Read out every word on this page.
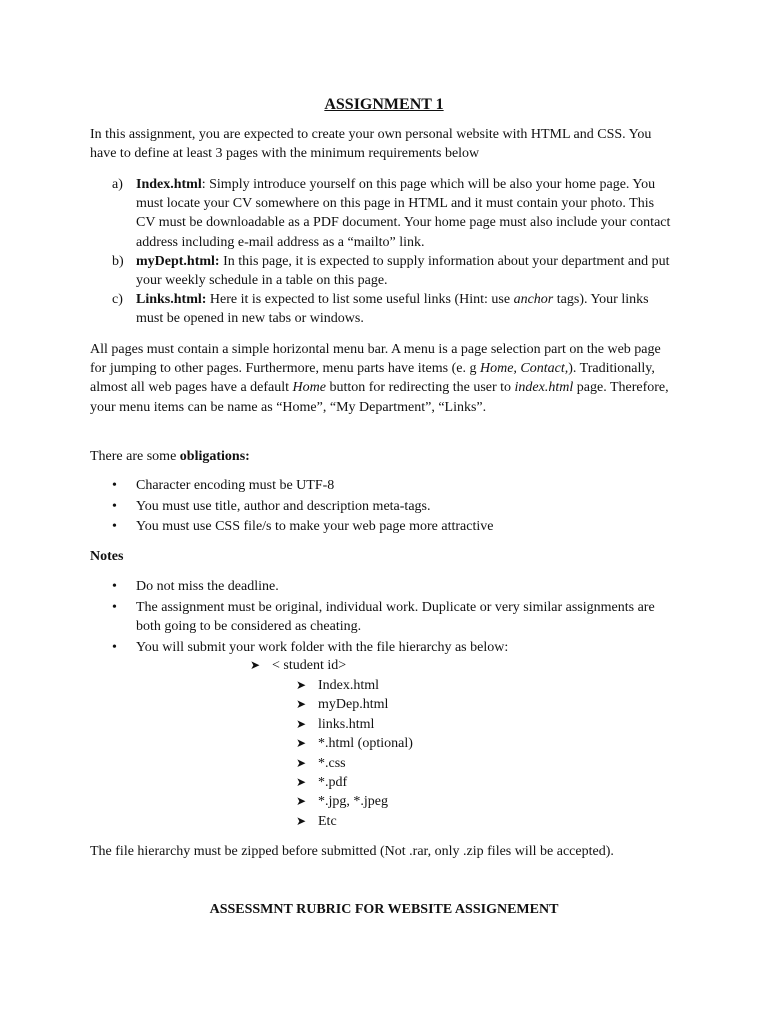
ASSIGNMENT 1

In this assignment, you are expected to create your own personal website with HTML and CSS. You have to define at least 3 pages with the minimum requirements below

a) Index.html: Simply introduce yourself on this page which will be also your home page. You must locate your CV somewhere on this page in HTML and it must contain your photo. This CV must be downloadable as a PDF document. Your home page must also include your contact address including e-mail address as a “mailto” link.
b) myDept.html: In this page, it is expected to supply information about your department and put your weekly schedule in a table on this page.
c) Links.html: Here it is expected to list some useful links (Hint: use anchor tags). Your links must be opened in new tabs or windows.

All pages must contain a simple horizontal menu bar. A menu is a page selection part on the web page for jumping to other pages. Furthermore, menu parts have items (e. g Home, Contact,). Traditionally, almost all web pages have a default Home button for redirecting the user to index.html page. Therefore, your menu items can be name as “Home”, “My Department”, “Links”.

There are some obligations:

• Character encoding must be UTF-8
• You must use title, author and description meta-tags.
• You must use CSS file/s to make your web page more attractive

Notes

• Do not miss the deadline.
• The assignment must be original, individual work. Duplicate or very similar assignments are both going to be considered as cheating.
• You will submit your work folder with the file hierarchy as below:
➤ < student id>
➤ Index.html
➤ myDep.html
➤ links.html
➤ *.html (optional)
➤ *.css
➤ *.pdf
➤ *.jpg, *.jpeg
➤ Etc

The file hierarchy must be zipped before submitted (Not .rar, only .zip files will be accepted).

ASSESSMNT RUBRIC FOR WEBSITE ASSIGNEMENT
